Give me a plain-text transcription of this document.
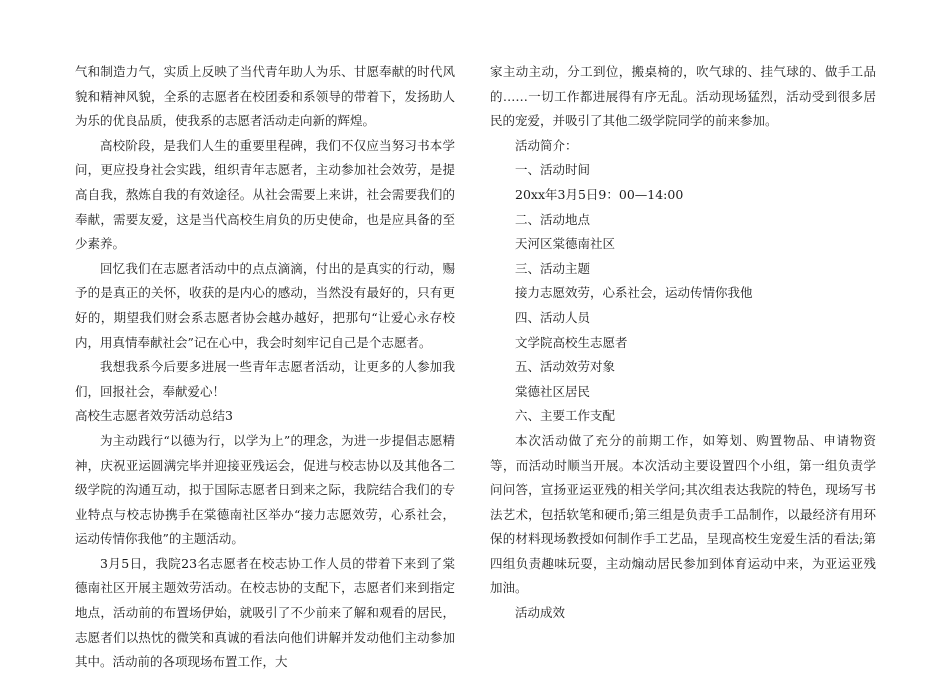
气和制造力气，实质上反映了当代青年助人为乐、甘愿奉献的时代风貌和精神风貌，全系的志愿者在校团委和系领导的带着下，发扬助人为乐的优良品质，使我系的志愿者活动走向新的辉煌。

高校阶段，是我们人生的重要里程碑，我们不仅应当努习书本学问，更应投身社会实践，组织青年志愿者，主动参加社会效劳，是提高自我，熬炼自我的有效途径。从社会需要上来讲，社会需要我们的奉献，需要友爱，这是当代高校生肩负的历史使命，也是应具备的至少素养。

回忆我们在志愿者活动中的点点滴滴，付出的是真实的行动，赐予的是真正的关怀，收获的是内心的感动，当然没有最好的，只有更好的，期望我们财会系志愿者协会越办越好，把那句“让爱心永存校内，用真情奉献社会”记在心中，我会时刻牢记自己是个志愿者。

我想我系今后要多进展一些青年志愿者活动，让更多的人参加我们，回报社会，奉献爱心！

高校生志愿者效劳活动总结3

为主动践行“以德为行，以学为上”的理念，为进一步提倡志愿精神，庆祝亚运圆满完毕并迎接亚残运会，促进与校志协以及其他各二级学院的沟通互动，拟于国际志愿者日到来之际，我院结合我们的专业特点与校志协携手在棠德南社区举办“接力志愿效劳，心系社会，运动传情你我他”的主题活动。

3月5日，我院23名志愿者在校志协工作人员的带着下来到了棠德南社区开展主题效劳活动。在校志协的支配下，志愿者们来到指定地点，活动前的布置场伊始，就吸引了不少前来了解和观看的居民，志愿者们以热忱的微笑和真诚的看法向他们讲解并发动他们主动参加其中。活动前的各项现场布置工作，大

家主动主动，分工到位，搬桌椅的，吹气球的、挂气球的、做手工品的……一切工作都进展得有序无乱。活动现场猛烈，活动受到很多居民的宠爱，并吸引了其他二级学院同学的前来参加。

活动简介：

一、活动时间

20xx年3月5日9：00—14:00

二、活动地点

天河区棠德南社区

三、活动主题

接力志愿效劳，心系社会，运动传情你我他

四、活动人员

文学院高校生志愿者

五、活动效劳对象

棠德社区居民

六、主要工作支配

本次活动做了充分的前期工作，如筹划、购置物品、申请物资等，而活动时顺当开展。本次活动主要设置四个小组，第一组负责学问问答，宣扬亚运亚残的相关学问;其次组表达我院的特色，现场写书法艺术，包括软笔和硬币;第三组是负责手工品制作，以最经济有用环保的材料现场教授如何制作手工艺品，呈现高校生宠爱生活的看法;第四组负责趣味玩耍，主动煽动居民参加到体育运动中来，为亚运亚残加油。

活动成效
